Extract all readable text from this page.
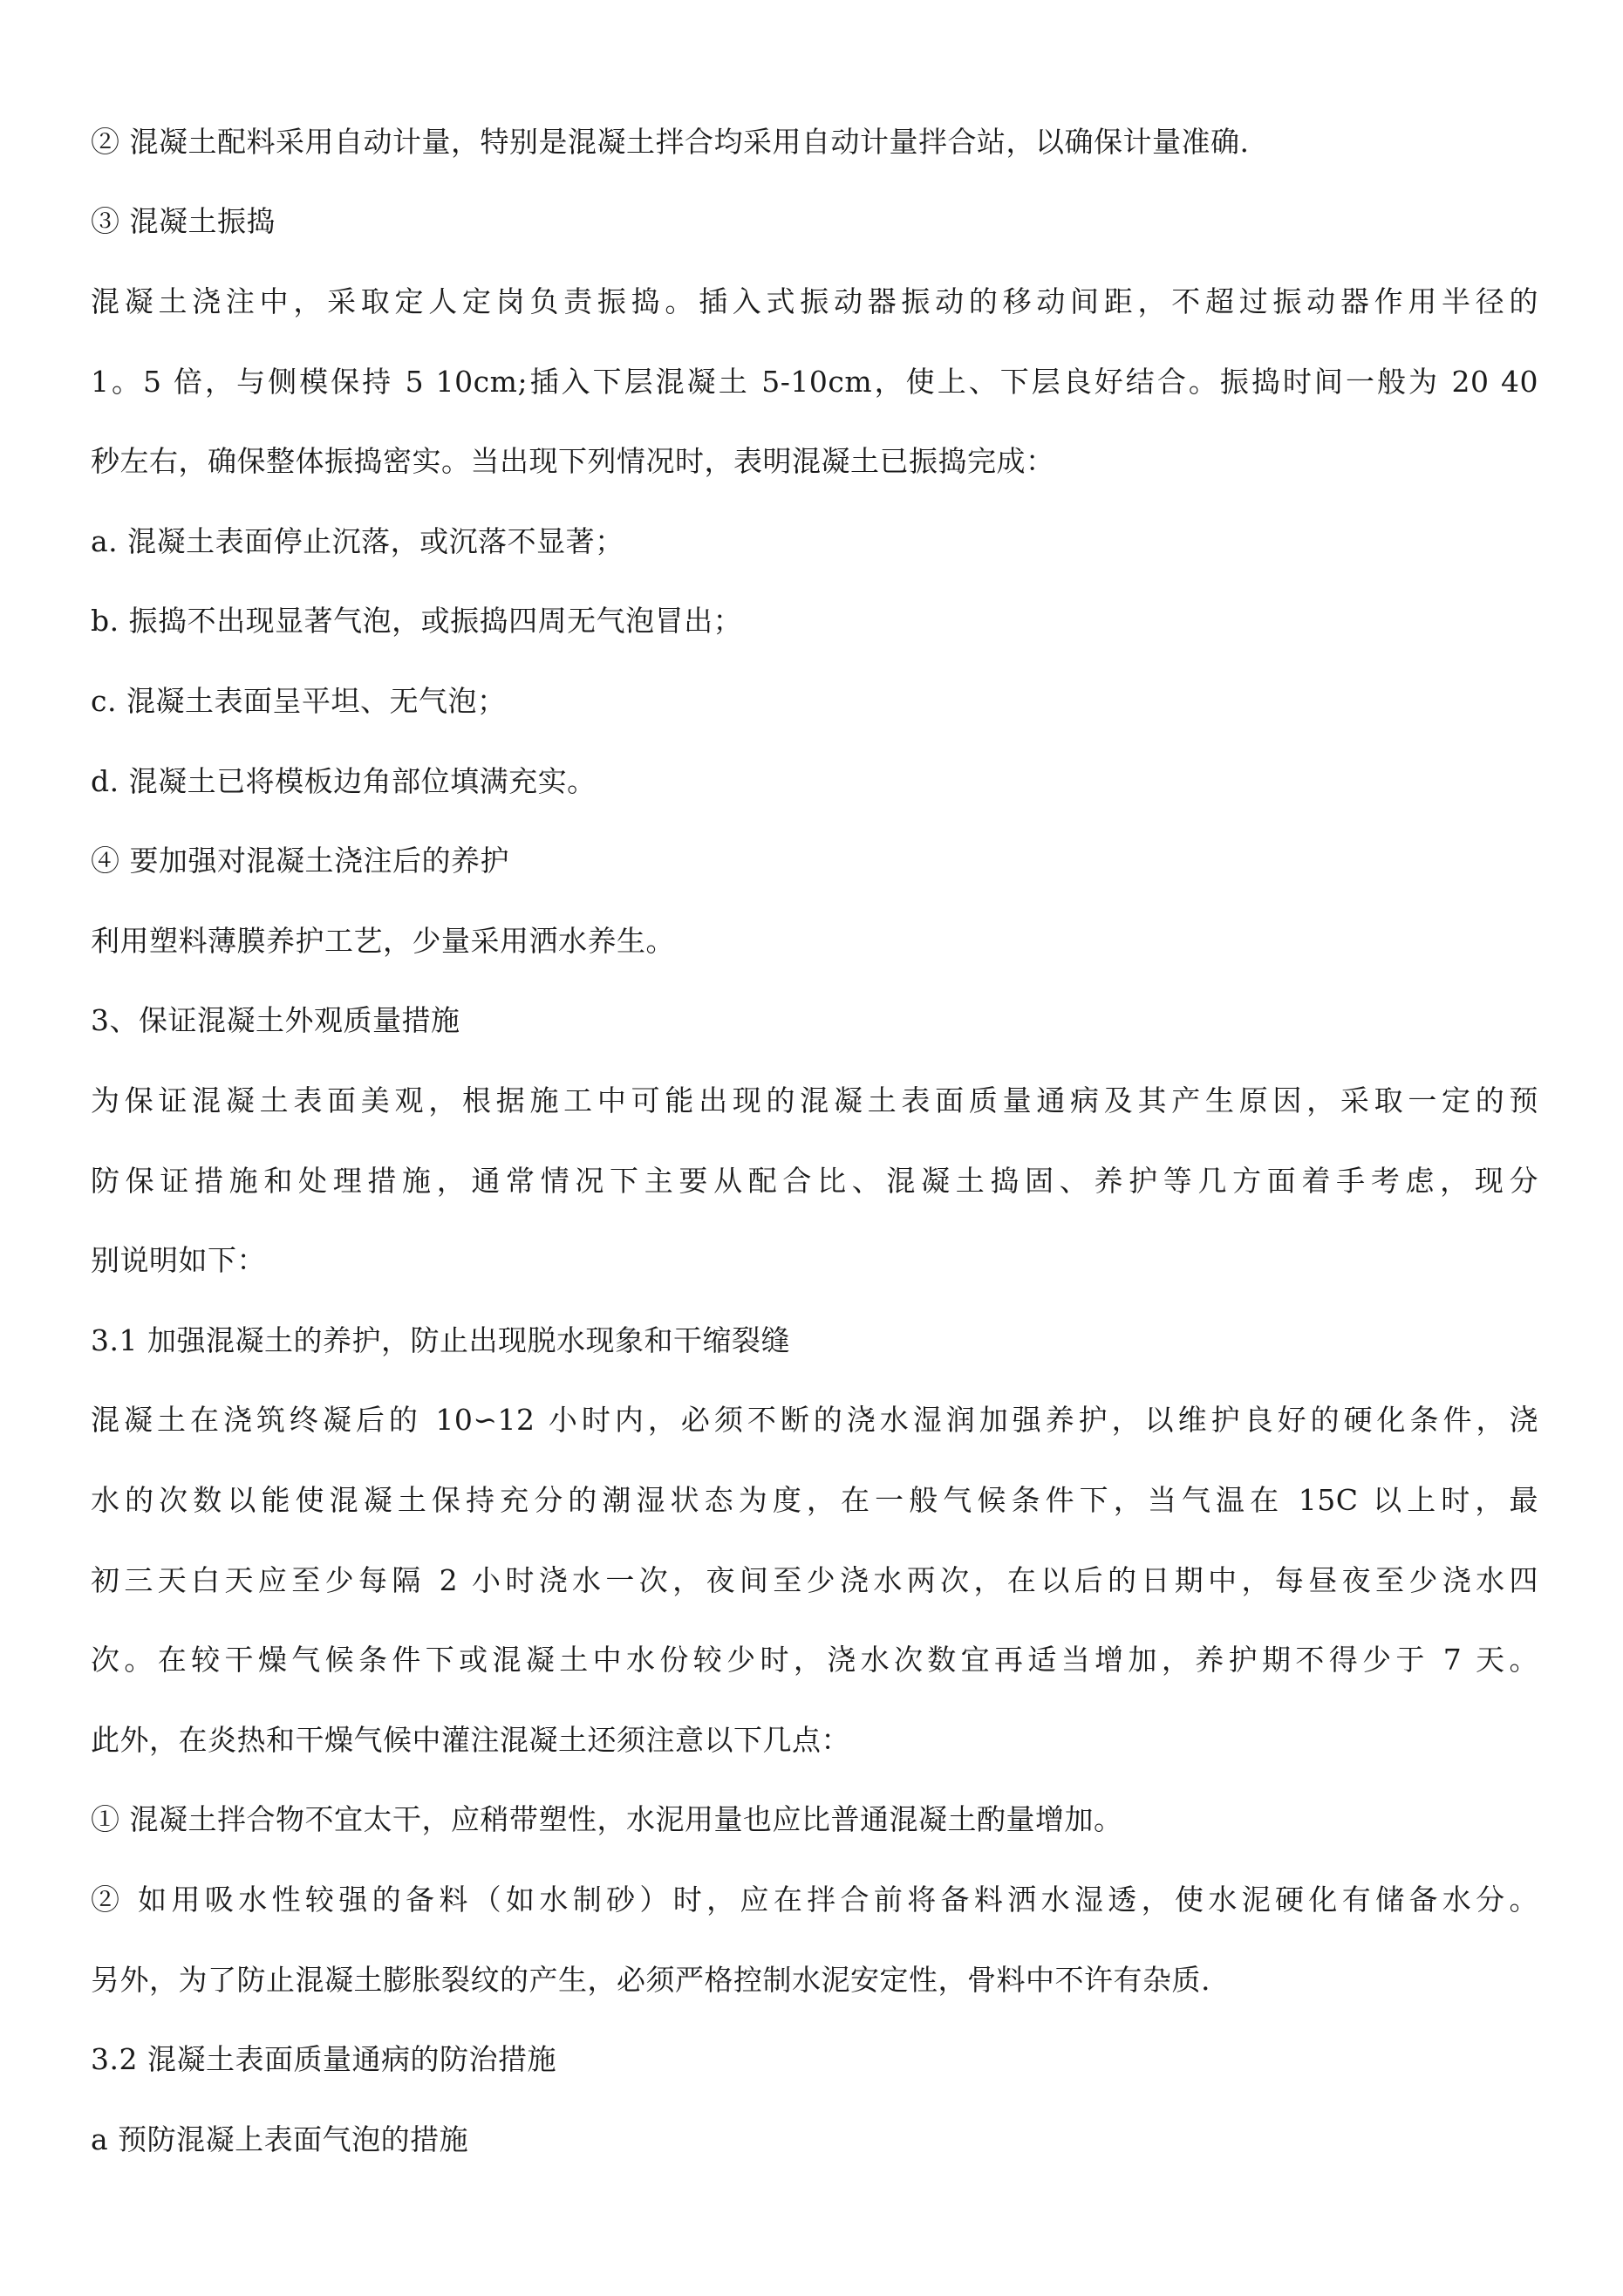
② 混凝土配料采用自动计量，特别是混凝土拌合均采用自动计量拌合站，以确保计量准确.
③ 混凝土振捣
混凝土浇注中，采取定人定岗负责振捣。插入式振动器振动的移动间距，不超过振动器作用半径的
1。5 倍，与侧模保持 5 10cm;插入下层混凝土 5-10cm，使上、下层良好结合。振捣时间一般为 20 40
秒左右，确保整体振捣密实。当出现下列情况时，表明混凝土已振捣完成：
a. 混凝土表面停止沉落，或沉落不显著；
b. 振捣不出现显著气泡，或振捣四周无气泡冒出；
c. 混凝土表面呈平坦、无气泡；
d. 混凝土已将模板边角部位填满充实。
④ 要加强对混凝土浇注后的养护
利用塑料薄膜养护工艺，少量采用洒水养生。
3、保证混凝土外观质量措施
为保证混凝土表面美观，根据施工中可能出现的混凝土表面质量通病及其产生原因，采取一定的预
防保证措施和处理措施，通常情况下主要从配合比、混凝土捣固、养护等几方面着手考虑，现分
别说明如下：
3.1 加强混凝土的养护，防止出现脱水现象和干缩裂缝
混凝土在浇筑终凝后的 10∽12 小时内，必须不断的浇水湿润加强养护，以维护良好的硬化条件，浇
水的次数以能使混凝土保持充分的潮湿状态为度，在一般气候条件下，当气温在 15C 以上时，最
初三天白天应至少每隔 2 小时浇水一次，夜间至少浇水两次，在以后的日期中，每昼夜至少浇水四
次。在较干燥气候条件下或混凝土中水份较少时，浇水次数宜再适当增加，养护期不得少于 7 天。
此外，在炎热和干燥气候中灌注混凝土还须注意以下几点：
① 混凝土拌合物不宜太干，应稍带塑性，水泥用量也应比普通混凝土酌量增加。
② 如用吸水性较强的备料（如水制砂）时，应在拌合前将备料洒水湿透，使水泥硬化有储备水分。
另外，为了防止混凝土膨胀裂纹的产生，必须严格控制水泥安定性，骨料中不许有杂质.
3.2 混凝土表面质量通病的防治措施
a 预防混凝上表面气泡的措施
